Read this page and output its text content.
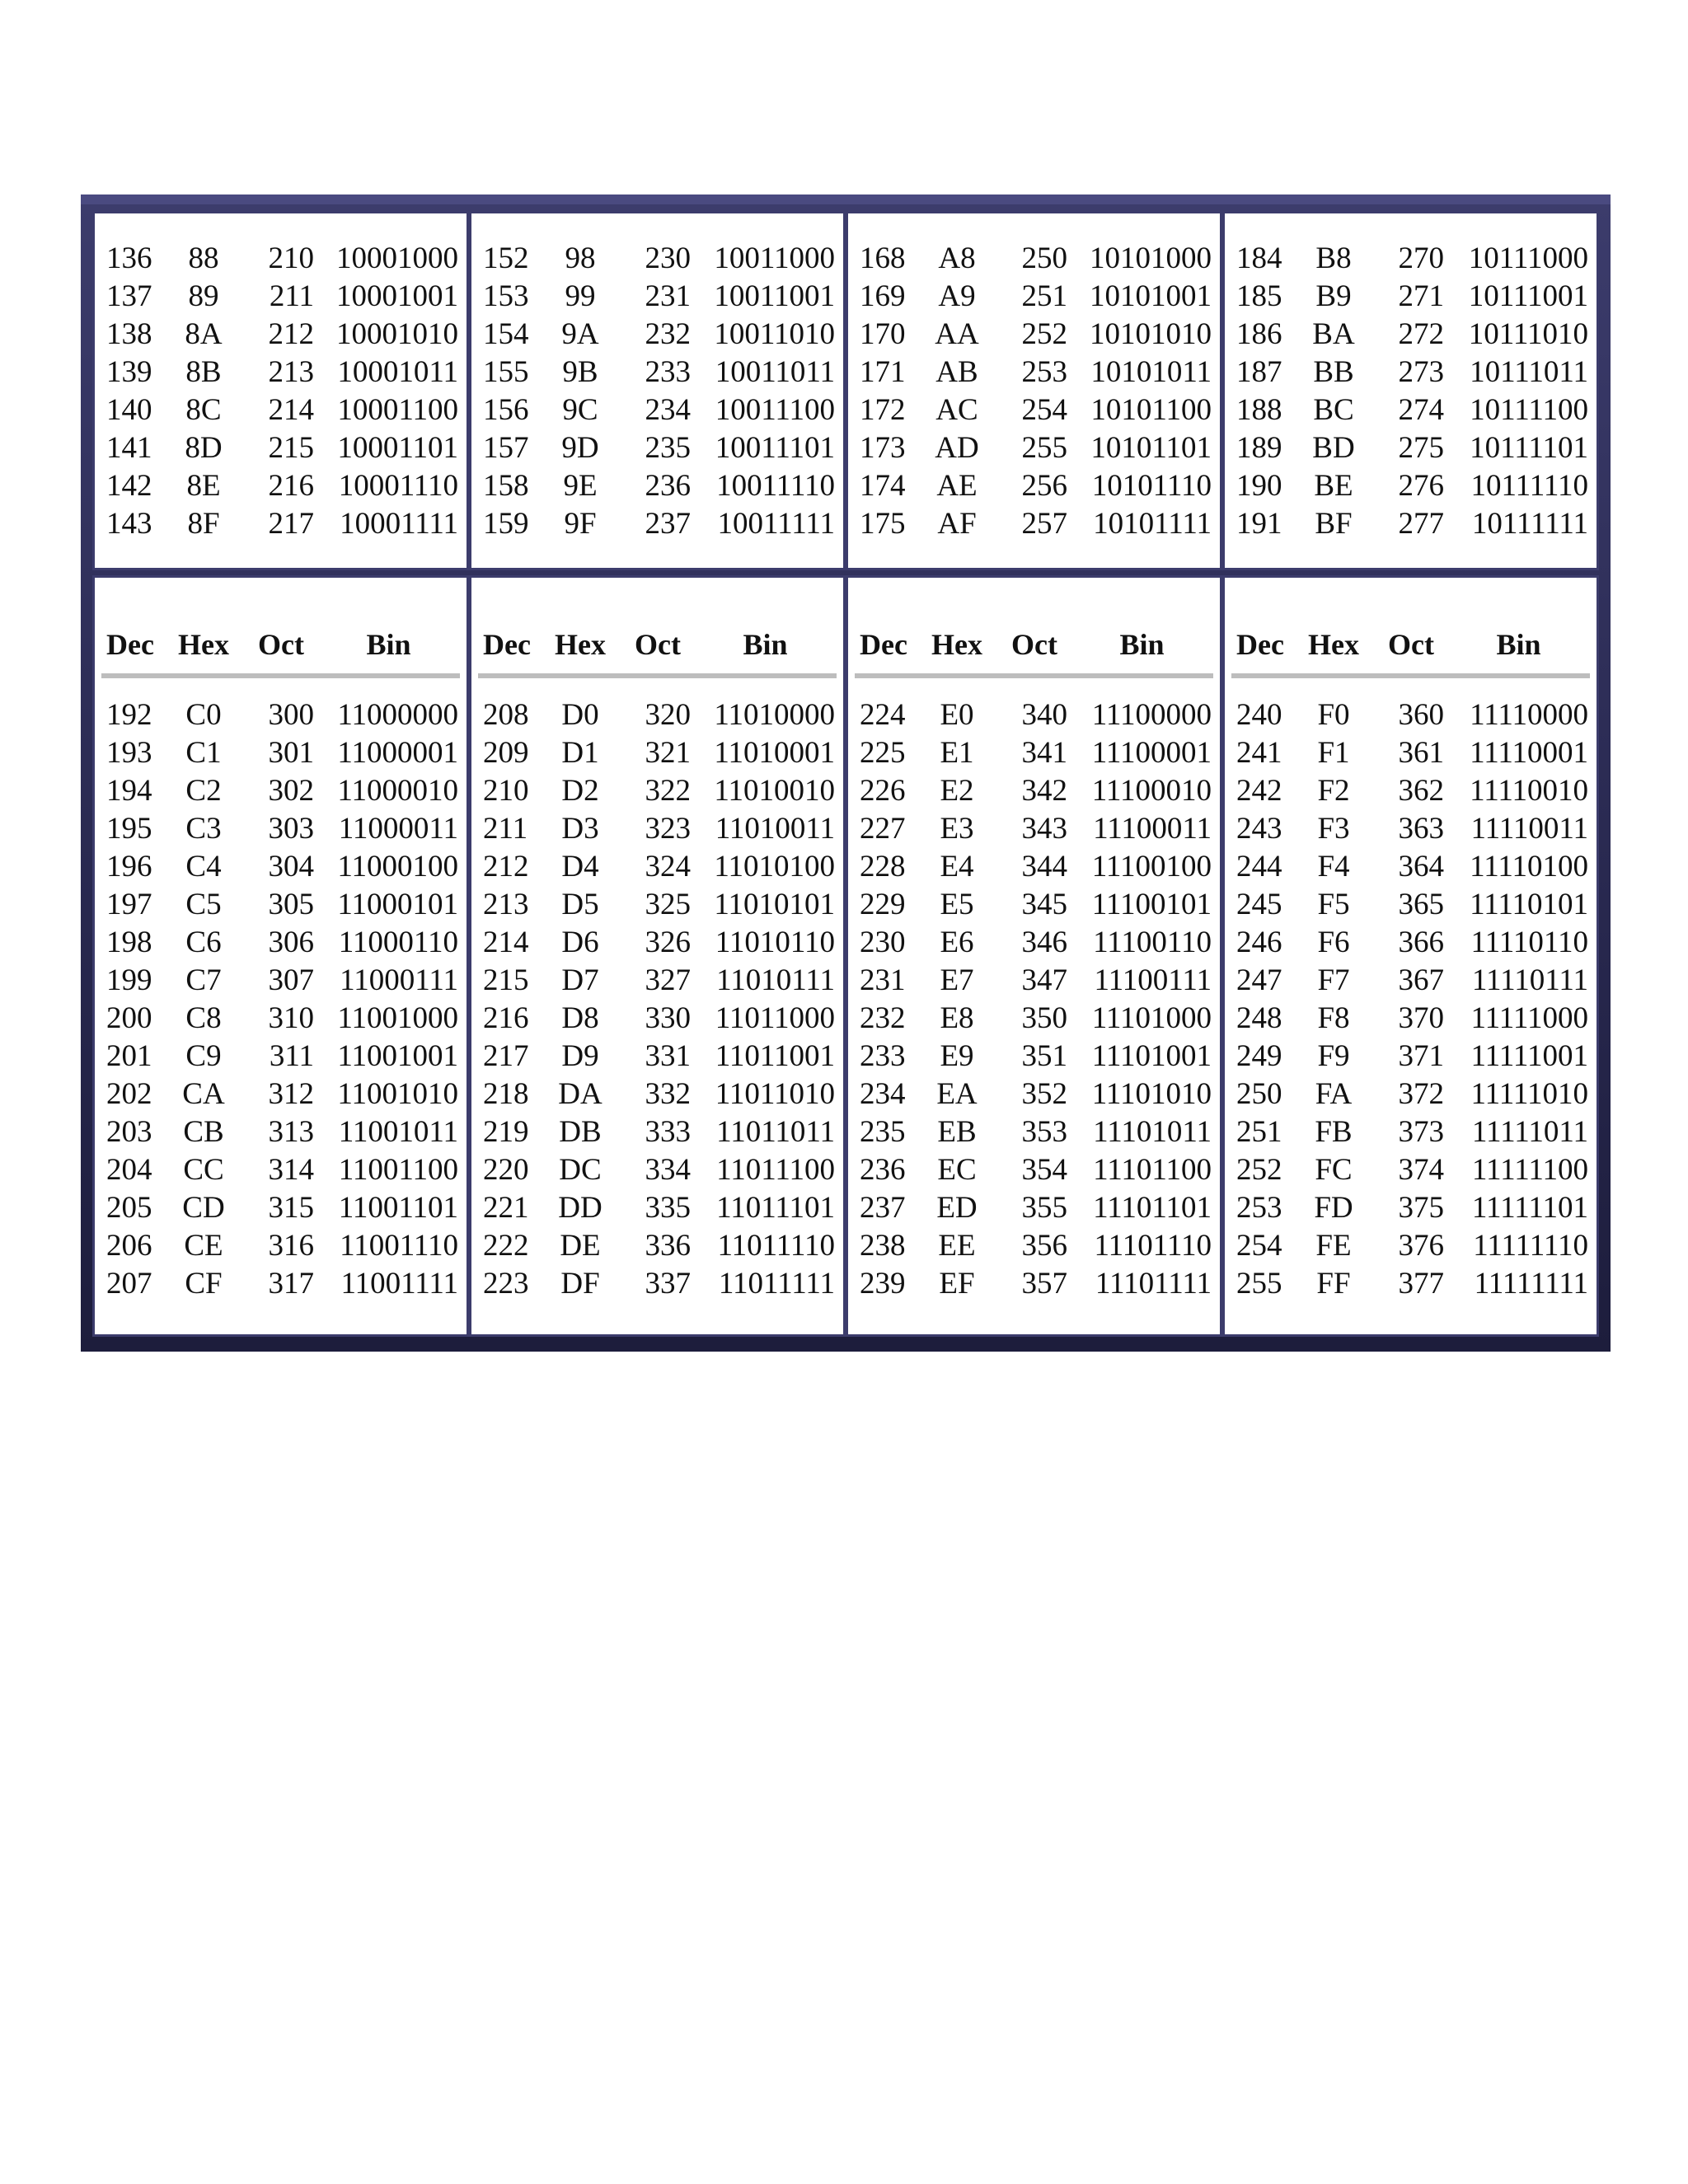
136	88	210 10001000
137	89	211 10001001
138	8A	212 10001010
139	8B	213 10001011
140	8C	214 10001100
141	8D	215 10001101
142	8E	216 10001110
143	8F	217 10001111
152	98	230 10011000
153	99	231 10011001
154	9A	232 10011010
155	9B	233 10011011
156	9C	234 10011100
157	9D	235 10011101
158	9E	236 10011110
159	9F	237 10011111
168	A8	250 10101000
169	A9	251 10101001
170 AA	252 10101010
171 AB	253 10101011
172 AC	254 10101100
173 AD	255 10101101
174	AE	256 10101110
175	AF	257 10101111
184	B8	270 10111000
185	B9	271 10111001
186 BA	272 10111010
187	BB	273 10111011
188	BC	274 10111100
189 BD	275 10111101
190	BE	276 10111110
191	BF	277 10111111
Dec Hex Oct	Bin
192	C0	300 11000000
193	C1	301 11000001
194	C2	302 11000010
195	C3	303 11000011
196	C4	304 11000100
197	C5	305 11000101
198	C6	306 11000110
199	C7	307 11000111
200	C8	310 11001000
201	C9	311 11001001
202 CA	312 11001010
203	CB	313 11001011
204	CC	314 11001100
205 CD	315 11001101
206	CE	316 11001110
207	CF	317 11001111
Dec Hex Oct	Bin
208	D0	320 11010000
209	D1	321 11010001
210	D2	322 11010010
211	D3	323 11010011
212	D4	324 11010100
213	D5	325 11010101
214	D6	326 11010110
215	D7	327 11010111
216	D8	330 11011000
217	D9	331 11011001
218 DA	332 11011010
219 DB	333 11011011
220 DC	334 11011100
221 DD	335 11011101
222	DE	336 11011110
223	DF	337 11011111
Dec Hex Oct	Bin
224	E0	340 11100000
225	E1	341 11100001
226	E2	342 11100010
227	E3	343 11100011
228	E4	344 11100100
229	E5	345 11100101
230	E6	346 11100110
231	E7	347 11100111
232	E8	350 11101000
233	E9	351 11101001
234	EA	352 11101010
235	EB	353 11101011
236	EC	354 11101100
237	ED	355 11101101
238	EE	356 11101110
239	EF	357 11101111
Dec Hex Oct	Bin
240	F0	360 11110000
241	F1	361 11110001
242	F2	362 11110010
243	F3	363 11110011
244	F4	364 11110100
245	F5	365 11110101
246	F6	366 11110110
247	F7	367 11110111
248	F8	370 11111000
249	F9	371 11111001
250	FA	372 11111010
251	FB	373 11111011
252	FC	374 11111100
253	FD	375 11111101
254	FE	376 11111110
255	FF	377 11111111
